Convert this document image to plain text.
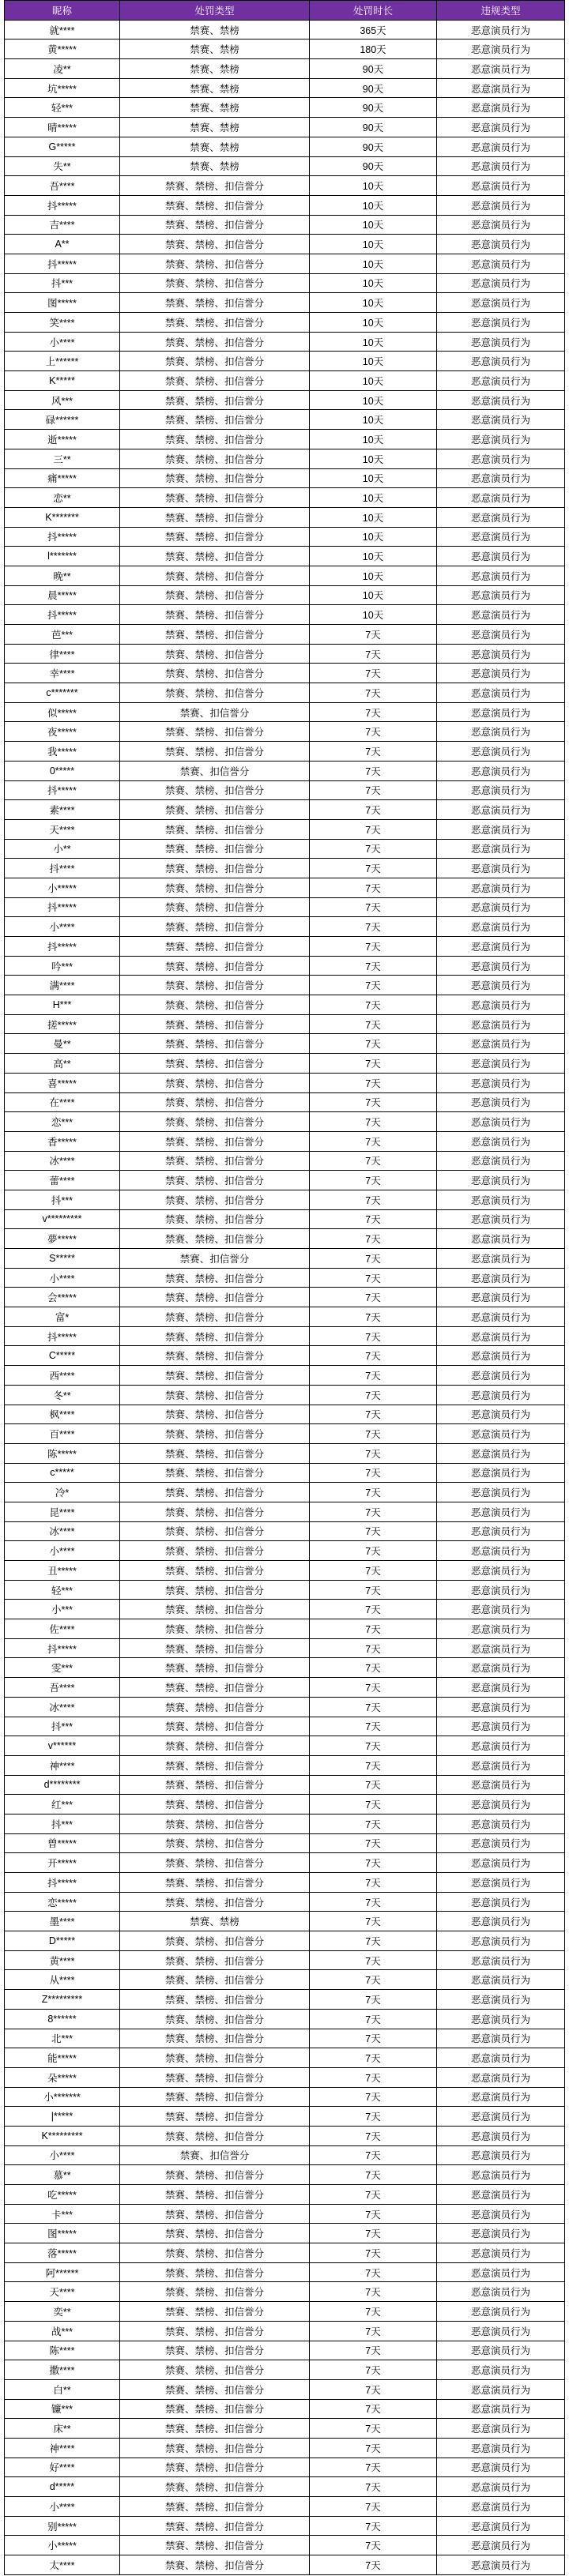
昵称	处罚类型	处罚时长	违规类型
就****	禁赛、禁榜	365天	恶意演员行为
黄*****	禁赛、禁榜	180天	恶意演员行为
凌**	禁赛、禁榜	90天	恶意演员行为
坑*****	禁赛、禁榜	90天	恶意演员行为
轻***	禁赛、禁榜	90天	恶意演员行为
晴*****	禁赛、禁榜	90天	恶意演员行为
G*****	禁赛、禁榜	90天	恶意演员行为
失**	禁赛、禁榜	90天	恶意演员行为
吾****	禁赛、禁榜、扣信誉分	10天	恶意演员行为
抖*****	禁赛、禁榜、扣信誉分	10天	恶意演员行为
吉****	禁赛、禁榜、扣信誉分	10天	恶意演员行为
A**	禁赛、禁榜、扣信誉分	10天	恶意演员行为
抖*****	禁赛、禁榜、扣信誉分	10天	恶意演员行为
抖***	禁赛、禁榜、扣信誉分	10天	恶意演员行为
图*****	禁赛、禁榜、扣信誉分	10天	恶意演员行为
笑****	禁赛、禁榜、扣信誉分	10天	恶意演员行为
小****	禁赛、禁榜、扣信誉分	10天	恶意演员行为
上******	禁赛、禁榜、扣信誉分	10天	恶意演员行为
K*****	禁赛、禁榜、扣信誉分	10天	恶意演员行为
风***	禁赛、禁榜、扣信誉分	10天	恶意演员行为
碌******	禁赛、禁榜、扣信誉分	10天	恶意演员行为
逝*****	禁赛、禁榜、扣信誉分	10天	恶意演员行为
三**	禁赛、禁榜、扣信誉分	10天	恶意演员行为
痛*****	禁赛、禁榜、扣信誉分	10天	恶意演员行为
恋**	禁赛、禁榜、扣信誉分	10天	恶意演员行为
K*******	禁赛、禁榜、扣信誉分	10天	恶意演员行为
抖*****	禁赛、禁榜、扣信誉分	10天	恶意演员行为
l*******	禁赛、禁榜、扣信誉分	10天	恶意演员行为
晚**	禁赛、禁榜、扣信誉分	10天	恶意演员行为
晨*****	禁赛、禁榜、扣信誉分	10天	恶意演员行为
抖*****	禁赛、禁榜、扣信誉分	10天	恶意演员行为
芭***	禁赛、禁榜、扣信誉分	7天	恶意演员行为
律****	禁赛、禁榜、扣信誉分	7天	恶意演员行为
幸****	禁赛、禁榜、扣信誉分	7天	恶意演员行为
c*******	禁赛、禁榜、扣信誉分	7天	恶意演员行为
似*****	禁赛、扣信誉分	7天	恶意演员行为
夜*****	禁赛、禁榜、扣信誉分	7天	恶意演员行为
我*****	禁赛、禁榜、扣信誉分	7天	恶意演员行为
0*****	禁赛、扣信誉分	7天	恶意演员行为
抖*****	禁赛、禁榜、扣信誉分	7天	恶意演员行为
素****	禁赛、禁榜、扣信誉分	7天	恶意演员行为
天****	禁赛、禁榜、扣信誉分	7天	恶意演员行为
小**	禁赛、禁榜、扣信誉分	7天	恶意演员行为
抖****	禁赛、禁榜、扣信誉分	7天	恶意演员行为
小*****	禁赛、禁榜、扣信誉分	7天	恶意演员行为
抖*****	禁赛、禁榜、扣信誉分	7天	恶意演员行为
小****	禁赛、禁榜、扣信誉分	7天	恶意演员行为
抖*****	禁赛、禁榜、扣信誉分	7天	恶意演员行为
吟***	禁赛、禁榜、扣信誉分	7天	恶意演员行为
满****	禁赛、禁榜、扣信誉分	7天	恶意演员行为
H***	禁赛、禁榜、扣信誉分	7天	恶意演员行为
搓*****	禁赛、禁榜、扣信誉分	7天	恶意演员行为
曼**	禁赛、禁榜、扣信誉分	7天	恶意演员行为
高**	禁赛、禁榜、扣信誉分	7天	恶意演员行为
喜*****	禁赛、禁榜、扣信誉分	7天	恶意演员行为
在****	禁赛、禁榜、扣信誉分	7天	恶意演员行为
恋***	禁赛、禁榜、扣信誉分	7天	恶意演员行为
香*****	禁赛、禁榜、扣信誉分	7天	恶意演员行为
冰****	禁赛、禁榜、扣信誉分	7天	恶意演员行为
蕾****	禁赛、禁榜、扣信誉分	7天	恶意演员行为
抖***	禁赛、禁榜、扣信誉分	7天	恶意演员行为
v*********	禁赛、禁榜、扣信誉分	7天	恶意演员行为
夢*****	禁赛、禁榜、扣信誉分	7天	恶意演员行为
S*****	禁赛、扣信誉分	7天	恶意演员行为
小****	禁赛、禁榜、扣信誉分	7天	恶意演员行为
会*****	禁赛、禁榜、扣信誉分	7天	恶意演员行为
富*	禁赛、禁榜、扣信誉分	7天	恶意演员行为
抖*****	禁赛、禁榜、扣信誉分	7天	恶意演员行为
C*****	禁赛、禁榜、扣信誉分	7天	恶意演员行为
西****	禁赛、禁榜、扣信誉分	7天	恶意演员行为
冬**	禁赛、禁榜、扣信誉分	7天	恶意演员行为
枫****	禁赛、禁榜、扣信誉分	7天	恶意演员行为
百****	禁赛、禁榜、扣信誉分	7天	恶意演员行为
陈*****	禁赛、禁榜、扣信誉分	7天	恶意演员行为
c*****	禁赛、禁榜、扣信誉分	7天	恶意演员行为
冷*	禁赛、禁榜、扣信誉分	7天	恶意演员行为
昆****	禁赛、禁榜、扣信誉分	7天	恶意演员行为
冰****	禁赛、禁榜、扣信誉分	7天	恶意演员行为
小****	禁赛、禁榜、扣信誉分	7天	恶意演员行为
丑*****	禁赛、禁榜、扣信誉分	7天	恶意演员行为
轻***	禁赛、禁榜、扣信誉分	7天	恶意演员行为
小***	禁赛、禁榜、扣信誉分	7天	恶意演员行为
佐****	禁赛、禁榜、扣信誉分	7天	恶意演员行为
抖*****	禁赛、禁榜、扣信誉分	7天	恶意演员行为
雯***	禁赛、禁榜、扣信誉分	7天	恶意演员行为
吾****	禁赛、禁榜、扣信誉分	7天	恶意演员行为
冰****	禁赛、禁榜、扣信誉分	7天	恶意演员行为
抖***	禁赛、禁榜、扣信誉分	7天	恶意演员行为
v******	禁赛、禁榜、扣信誉分	7天	恶意演员行为
神****	禁赛、禁榜、扣信誉分	7天	恶意演员行为
d********	禁赛、禁榜、扣信誉分	7天	恶意演员行为
红***	禁赛、禁榜、扣信誉分	7天	恶意演员行为
抖***	禁赛、禁榜、扣信誉分	7天	恶意演员行为
曾*****	禁赛、禁榜、扣信誉分	7天	恶意演员行为
开*****	禁赛、禁榜、扣信誉分	7天	恶意演员行为
抖*****	禁赛、禁榜、扣信誉分	7天	恶意演员行为
恋*****	禁赛、禁榜、扣信誉分	7天	恶意演员行为
墨****	禁赛、禁榜	7天	恶意演员行为
D*****	禁赛、禁榜、扣信誉分	7天	恶意演员行为
黄****	禁赛、禁榜、扣信誉分	7天	恶意演员行为
从****	禁赛、禁榜、扣信誉分	7天	恶意演员行为
Z*********	禁赛、禁榜、扣信誉分	7天	恶意演员行为
8******	禁赛、禁榜、扣信誉分	7天	恶意演员行为
北***	禁赛、禁榜、扣信誉分	7天	恶意演员行为
能*****	禁赛、禁榜、扣信誉分	7天	恶意演员行为
朵*****	禁赛、禁榜、扣信誉分	7天	恶意演员行为
小*******	禁赛、禁榜、扣信誉分	7天	恶意演员行为
|*****	禁赛、禁榜、扣信誉分	7天	恶意演员行为
K*********	禁赛、禁榜、扣信誉分	7天	恶意演员行为
小****	禁赛、扣信誉分	7天	恶意演员行为
慕**	禁赛、禁榜、扣信誉分	7天	恶意演员行为
吃*****	禁赛、禁榜、扣信誉分	7天	恶意演员行为
卡***	禁赛、禁榜、扣信誉分	7天	恶意演员行为
图*****	禁赛、禁榜、扣信誉分	7天	恶意演员行为
落*****	禁赛、禁榜、扣信誉分	7天	恶意演员行为
阿******	禁赛、禁榜、扣信誉分	7天	恶意演员行为
天****	禁赛、禁榜、扣信誉分	7天	恶意演员行为
奕**	禁赛、禁榜、扣信誉分	7天	恶意演员行为
战***	禁赛、禁榜、扣信誉分	7天	恶意演员行为
陈****	禁赛、禁榜、扣信誉分	7天	恶意演员行为
撒****	禁赛、禁榜、扣信誉分	7天	恶意演员行为
白**	禁赛、禁榜、扣信誉分	7天	恶意演员行为
镰***	禁赛、禁榜、扣信誉分	7天	恶意演员行为
床**	禁赛、禁榜、扣信誉分	7天	恶意演员行为
神****	禁赛、禁榜、扣信誉分	7天	恶意演员行为
好****	禁赛、禁榜、扣信誉分	7天	恶意演员行为
d*****	禁赛、禁榜、扣信誉分	7天	恶意演员行为
小****	禁赛、禁榜、扣信誉分	7天	恶意演员行为
别*****	禁赛、禁榜、扣信誉分	7天	恶意演员行为
小*****	禁赛、禁榜、扣信誉分	7天	恶意演员行为
太****	禁赛、禁榜、扣信誉分	7天	恶意演员行为
